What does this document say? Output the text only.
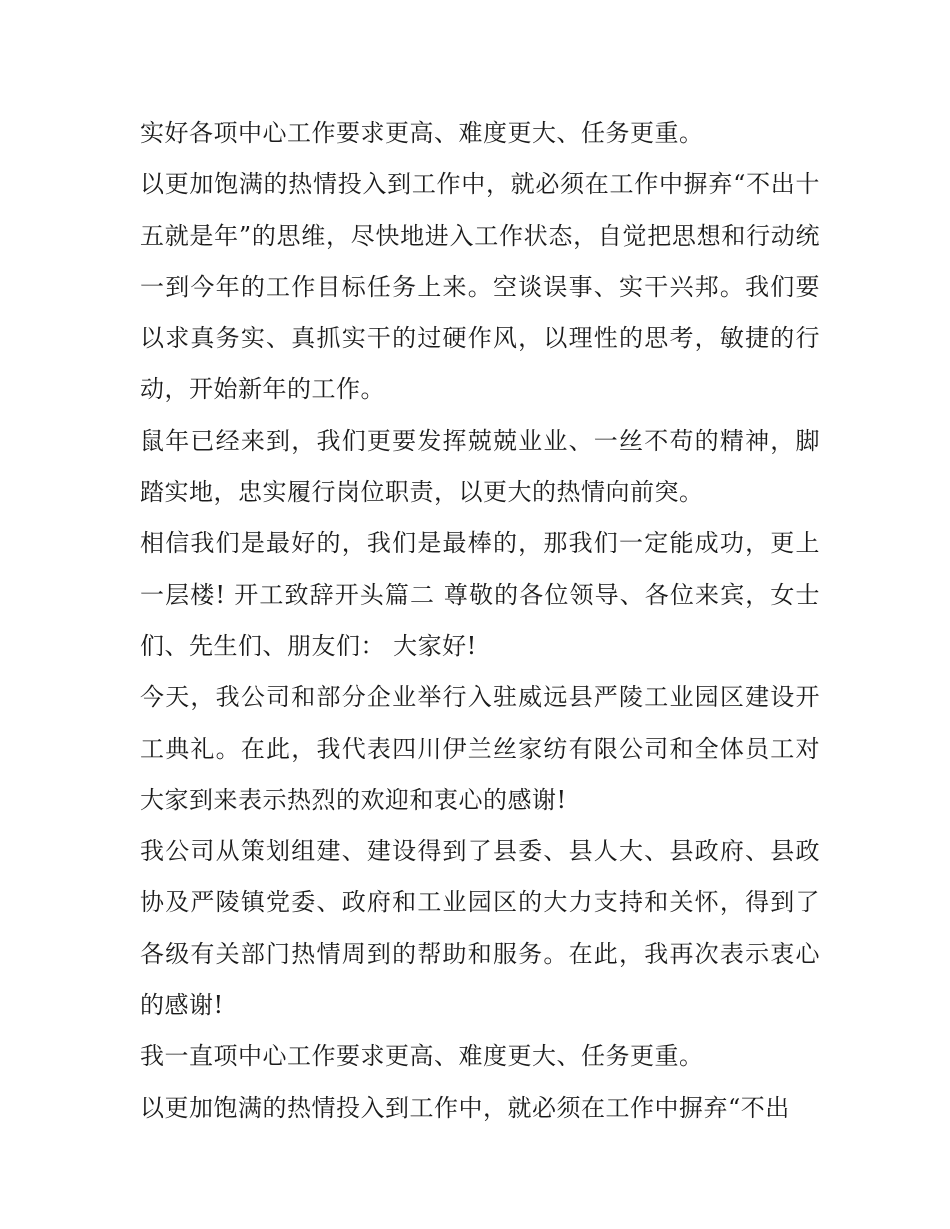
实好各项中心工作要求更高、难度更大、任务更重。

以更加饱满的热情投入到工作中，就必须在工作中摒弃“不出十五就是年”的思维，尽快地进入工作状态，自觉把思想和行动统一到今年的工作目标任务上来。空谈误事、实干兴邦。我们要以求真务实、真抓实干的过硬作风，以理性的思考，敏捷的行动，开始新年的工作。

鼠年已经来到，我们更要发挥兢兢业业、一丝不苟的精神，脚踏实地，忠实履行岗位职责，以更大的热情向前突。

相信我们是最好的，我们是最棒的，那我们一定能成功，更上一层楼! 开工致辞开头篇二 尊敬的各位领导、各位来宾，女士们、先生们、朋友们： 大家好!

今天，我公司和部分企业举行入驻威远县严陵工业园区建设开工典礼。在此，我代表四川伊兰丝家纺有限公司和全体员工对大家到来表示热烈的欢迎和衷心的感谢!

我公司从策划组建、建设得到了县委、县人大、县政府、县政协及严陵镇党委、政府和工业园区的大力支持和关怀，得到了各级有关部门热情周到的帮助和服务。在此，我再次表示衷心的感谢!

我一直项中心工作要求更高、难度更大、任务更重。

以更加饱满的热情投入到工作中，就必须在工作中摒弃“不出
